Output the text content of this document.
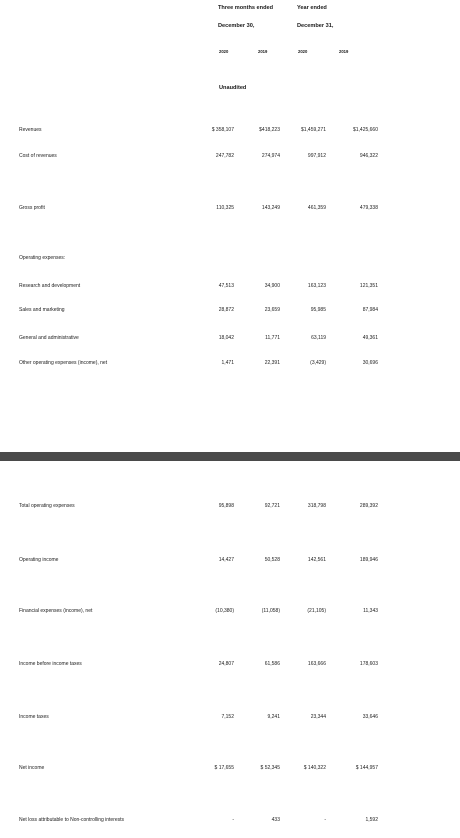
Three months ended	Year ended
December 30,	December 31,
2020	2019	2020	2019
Unaudited
Revenues	$ 358,107	$418,223	$1,459,271	$1,425,660
Cost of revenues	247,782	274,974	997,912	946,322
Gross profit	110,325	143,249	461,359	479,338
Operating expenses:
Research and development	47,513	34,900	163,123	121,351
Sales and marketing	28,872	23,659	95,985	87,984
General and administrative	18,042	11,771	63,119	49,361
Other operating expenses (income), net	1,471	22,391	(3,429)	30,696
Total operating expenses	95,898	92,721	318,798	289,392
Operating income	14,427	50,528	142,561	189,946
Financial expenses (income), net	(10,380)	(11,058)	(21,105)	11,343
Income before income taxes	24,807	61,586	163,666	178,603
Income taxes	7,152	9,241	23,344	33,646
Net income	$ 17,655	$ 52,345	$ 140,322	$ 144,957
Net loss attributable to Non-controlling interests	-	433	-	1,592
